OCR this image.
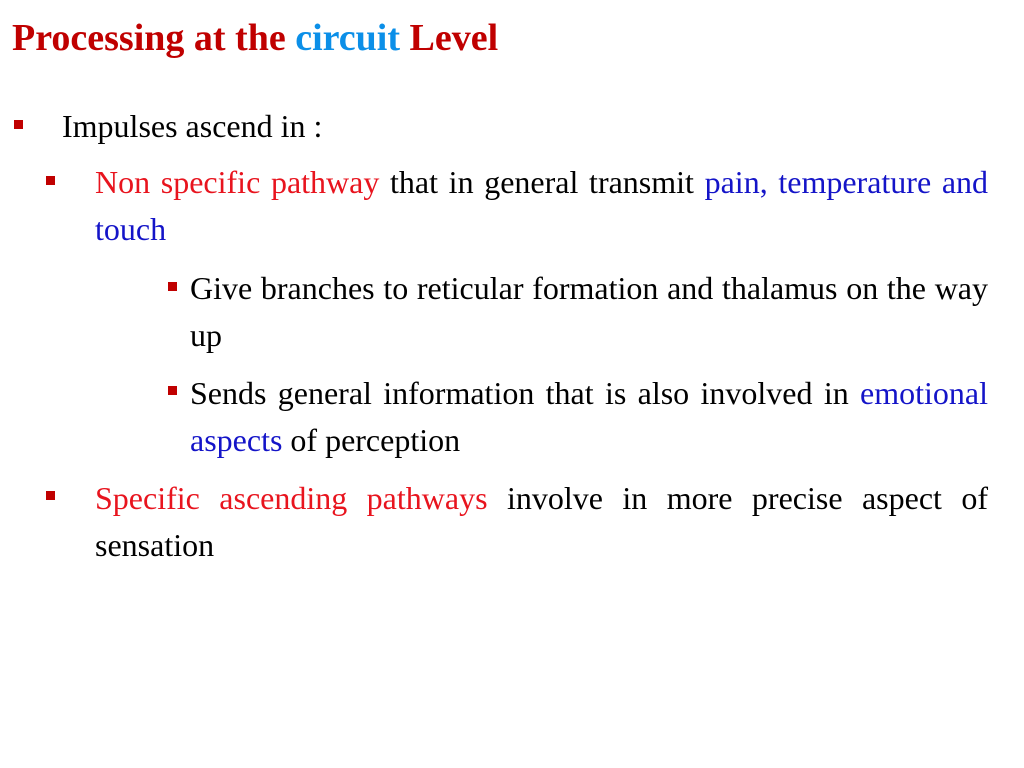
Processing at the circuit Level
Impulses ascend in :
Non specific pathway that in general transmit pain, temperature and touch
Give branches to reticular formation and thalamus on the way up
Sends general information that is also involved in emotional aspects of perception
Specific ascending pathways involve in more precise aspect of sensation
